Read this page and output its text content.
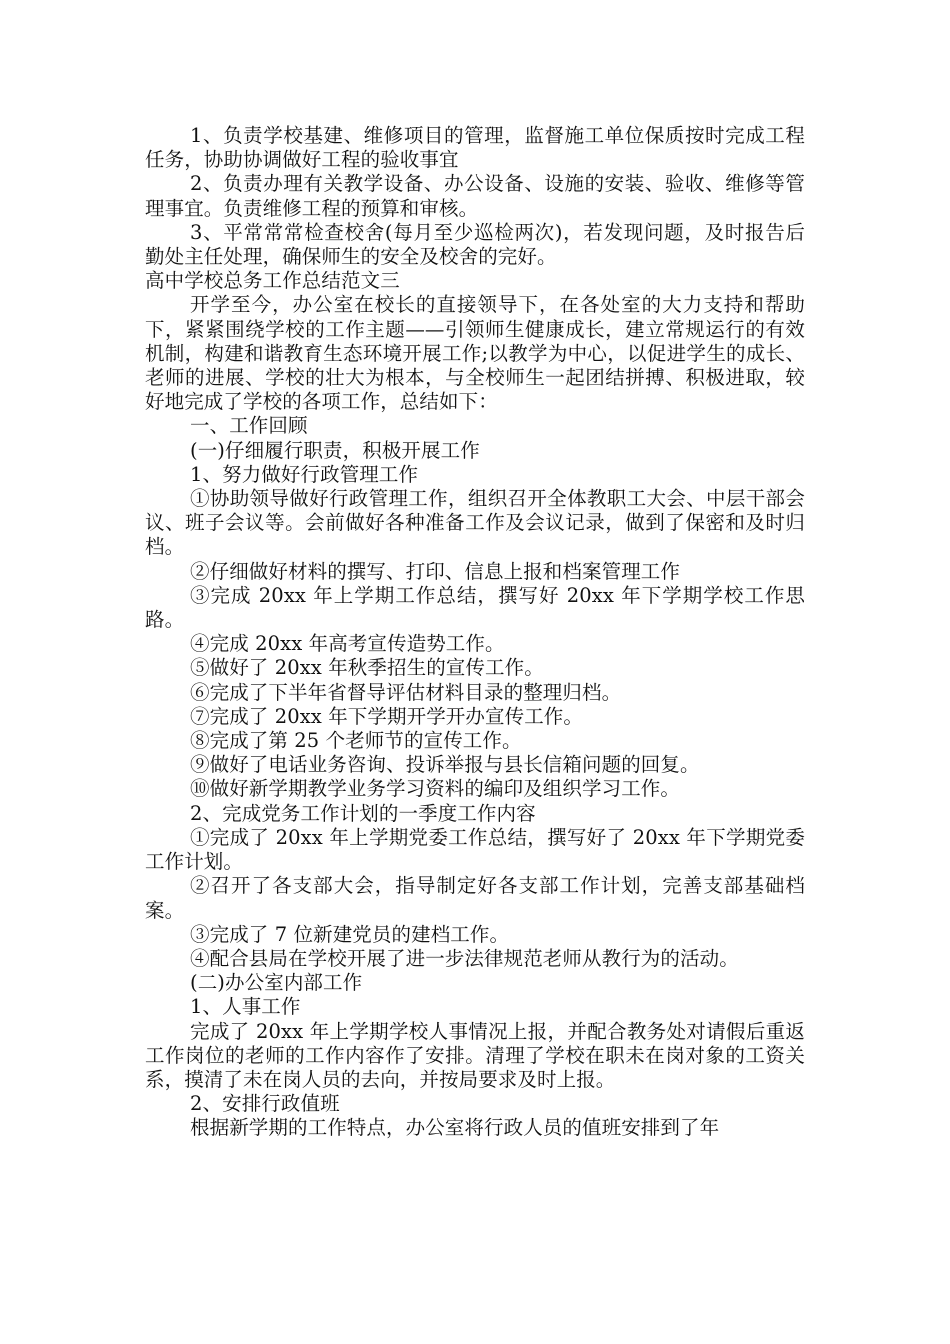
1、负责学校基建、维修项目的管理，监督施工单位保质按时完成工程任务，协助协调做好工程的验收事宜

2、负责办理有关教学设备、办公设备、设施的安装、验收、维修等管理事宜。负责维修工程的预算和审核。

3、平常常常检查校舍(每月至少巡检两次)，若发现问题，及时报告后勤处主任处理，确保师生的安全及校舍的完好。

高中学校总务工作总结范文三

开学至今，办公室在校长的直接领导下，在各处室的大力支持和帮助下，紧紧围绕学校的工作主题——引领师生健康成长，建立常规运行的有效机制，构建和谐教育生态环境开展工作;以教学为中心，以促进学生的成长、老师的进展、学校的壮大为根本，与全校师生一起团结拼搏、积极进取，较好地完成了学校的各项工作，总结如下：

一、工作回顾

(一)仔细履行职责，积极开展工作

1、努力做好行政管理工作

①协助领导做好行政管理工作，组织召开全体教职工大会、中层干部会议、班子会议等。会前做好各种准备工作及会议记录，做到了保密和及时归档。

②仔细做好材料的撰写、打印、信息上报和档案管理工作

③完成 20xx 年上学期工作总结，撰写好 20xx 年下学期学校工作思路。

④完成 20xx 年高考宣传造势工作。

⑤做好了 20xx 年秋季招生的宣传工作。

⑥完成了下半年省督导评估材料目录的整理归档。

⑦完成了 20xx 年下学期开学开办宣传工作。

⑧完成了第 25 个老师节的宣传工作。

⑨做好了电话业务咨询、投诉举报与县长信箱问题的回复。

⑩做好新学期教学业务学习资料的编印及组织学习工作。

2、完成党务工作计划的一季度工作内容

①完成了 20xx 年上学期党委工作总结，撰写好了 20xx 年下学期党委工作计划。

②召开了各支部大会，指导制定好各支部工作计划，完善支部基础档案。

③完成了 7 位新建党员的建档工作。

④配合县局在学校开展了进一步法律规范老师从教行为的活动。

(二)办公室内部工作

1、人事工作

完成了 20xx 年上学期学校人事情况上报，并配合教务处对请假后重返工作岗位的老师的工作内容作了安排。清理了学校在职未在岗对象的工资关系，摸清了未在岗人员的去向，并按局要求及时上报。

2、安排行政值班

根据新学期的工作特点，办公室将行政人员的值班安排到了年
